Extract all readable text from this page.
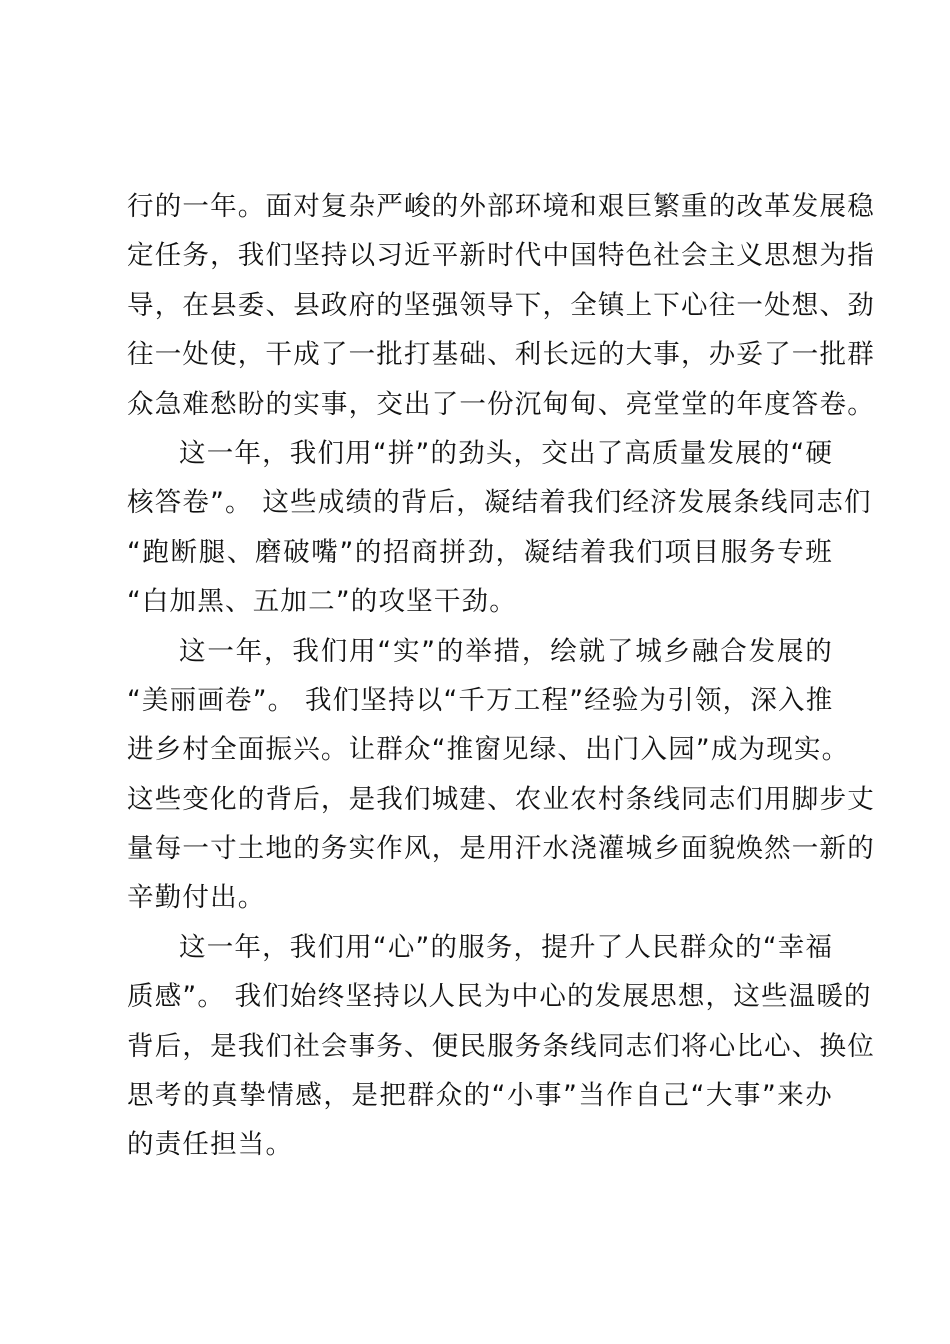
行的一年。面对复杂严峻的外部环境和艰巨繁重的改革发展稳
定任务，我们坚持以习近平新时代中国特色社会主义思想为指
导，在县委、县政府的坚强领导下，全镇上下心往一处想、劲
往一处使，干成了一批打基础、利长远的大事，办妥了一批群
众急难愁盼的实事，交出了一份沉甸甸、亮堂堂的年度答卷。
这一年，我们用“拼”的劲头，交出了高质量发展的“硬
核答卷”。 这些成绩的背后，凝结着我们经济发展条线同志们
“跑断腿、磨破嘴”的招商拼劲，凝结着我们项目服务专班
“白加黑、五加二”的攻坚干劲。
这一年，我们用“实”的举措，绘就了城乡融合发展的
“美丽画卷”。 我们坚持以“千万工程”经验为引领，深入推
进乡村全面振兴。让群众“推窗见绿、出门入园”成为现实。
这些变化的背后，是我们城建、农业农村条线同志们用脚步丈
量每一寸土地的务实作风，是用汗水浇灌城乡面貌焕然一新的
辛勤付出。
这一年，我们用“心”的服务，提升了人民群众的“幸福
质感”。 我们始终坚持以人民为中心的发展思想，这些温暖的
背后，是我们社会事务、便民服务条线同志们将心比心、换位
思考的真挚情感，是把群众的“小事”当作自己“大事”来办
的责任担当。
